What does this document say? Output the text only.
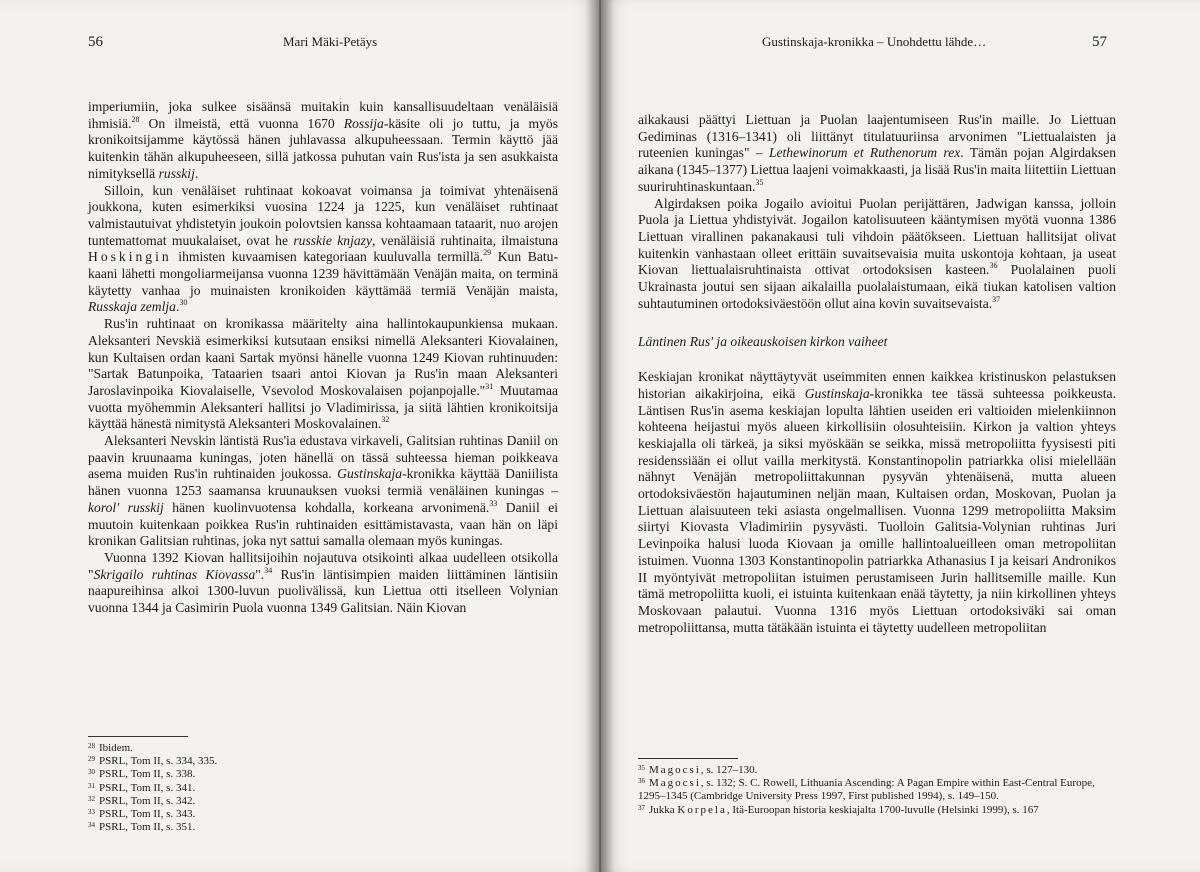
56	Mari Mäki-Petäys

imperiumiin, joka sulkee sisäänsä muitakin kuin kansallisuudeltaan venäläisiä ihmisiä.$^{28}$ On ilmeistä, että vuonna 1670 Rossija-käsite oli jo tuttu, ja myös kronikoitsijamme käytössä hänen juhlavassa alkupuheessaan. Termin käyttö jää kuitenkin tähän alkupuheeseen, sillä jatkossa puhutan vain Rus'ista ja sen asukkaista nimityksellä russkij.

Silloin, kun venäläiset ruhtinaat kokoavat voimansa ja toimivat yhtenäisenä joukkona, kuten esimerkiksi vuosina 1224 ja 1225, kun venäläiset ruhtinaat valmistautuivat yhdistetyin joukoin polovtsien kanssa kohtaamaan tataarit, nuo arojen tuntemattomat muukalaiset, ovat he russkie knjazy, venäläisiä ruhtinaita, ilmaistuna Hoskingin ihmisten kuvaamisen kategoriaan kuuluvalla termillä.$^{29}$ Kun Batu-kaani lähetti mongoliarmeijansa vuonna 1239 hävittämään Venäjän maita, on terminä käytetty vanhaa jo muinaisten kronikoiden käyttämää termiä Venäjän maista, Russkaja zemlja.$^{30}$

Rus'in ruhtinaat on kronikassa määritelty aina hallintokaupunkiensa mukaan. Aleksanteri Nevskiä esimerkiksi kutsutaan ensiksi nimellä Aleksanteri Kiovalainen, kun Kultaisen ordan kaani Sartak myönsi hänelle vuonna 1249 Kiovan ruhtinuuden: "Sartak Batunpoika, Tataarien tsaari antoi Kiovan ja Rus'in maan Aleksanteri Jaroslavinpoika Kiovalaiselle, Vsevolod Moskovalaisen pojanpojalle."$^{31}$ Muutamaa vuotta myöhemmin Aleksanteri hallitsi jo Vladimirissa, ja siitä lähtien kronikoitsija käyttää hänestä nimitystä Aleksanteri Moskovalainen.$^{32}$

Aleksanteri Nevskin läntistä Rus'ia edustava virkaveli, Galitsian ruhtinas Daniil on paavin kruunaama kuningas, joten hänellä on tässä suhteessa hieman poikkeava asema muiden Rus'in ruhtinaiden joukossa. Gustinskaja-kronikka käyttää Daniilista hänen vuonna 1253 saamansa kruunauksen vuoksi termiä venäläinen kuningas – korol' russkij hänen kuolinvuotensa kohdalla, korkeana arvonimenä.$^{33}$ Daniil ei muutoin kuitenkaan poikkea Rus'in ruhtinaiden esittämistavasta, vaan hän on läpi kronikan Galitsian ruhtinas, joka nyt sattui samalla olemaan myös kuningas.

Vuonna 1392 Kiovan hallitsijoihin nojautuva otsikointi alkaa uudelleen otsikolla "Skrigailo ruhtinas Kiovassa".$^{34}$ Rus'in läntisimpien maiden liittäminen läntisiin naapureihinsa alkoi 1300-luvun puolivälissä, kun Liettua otti itselleen Volynian vuonna 1344 ja Casimirin Puola vuonna 1349 Galitsian. Näin Kiovan

$^{28}$ Ibidem.
$^{29}$ PSRL, Tom II, s. 334, 335.
$^{30}$ PSRL, Tom II, s. 338.
$^{31}$ PSRL, Tom II, s. 341.
$^{32}$ PSRL, Tom II, s. 342.
$^{33}$ PSRL, Tom II, s. 343.
$^{34}$ PSRL, Tom II, s. 351.
Gustinskaja-kronikka – Unohdettu lähde…	57

aikakausi päättyi Liettuan ja Puolan laajentumiseen Rus'in maille. Jo Liettuan Gediminas (1316–1341) oli liittänyt titulatuuriinsa arvonimen "Liettualaisten ja ruteenien kuningas" – Lethewinorum et Ruthenorum rex. Tämän pojan Algirdaksen aikana (1345–1377) Liettua laajeni voimakkaasti, ja lisää Rus'in maita liitettiin Liettuan suuriruhtinaskuntaan.$^{35}$

Algirdaksen poika Jogailo avioitui Puolan perijättären, Jadwigan kanssa, jolloin Puola ja Liettua yhdistyivät. Jogailon katolisuuteen kääntymisen myötä vuonna 1386 Liettuan virallinen pakanakausi tuli vihdoin päätökseen. Liettuan hallitsijat olivat kuitenkin vanhastaan olleet erittäin suvaitsevaisia muita uskontoja kohtaan, ja useat Kiovan liettualaisruhtinaista ottivat ortodoksisen kasteen.$^{36}$ Puolalainen puoli Ukrainasta joutui sen sijaan aikalailla puolalaistumaan, eikä tiukan katolisen valtion suhtautuminen ortodoksiväestöön ollut aina kovin suvaitsevaista.$^{37}$

Läntinen Rus' ja oikeauskoisen kirkon vaiheet

Keskiajan kronikat näyttäytyvät useimmiten ennen kaikkea kristinuskon pelastuksen historian aikakirjoina, eikä Gustinskaja-kronikka tee tässä suhteessa poikkeusta. Läntisen Rus'in asema keskiajan lopulta lähtien useiden eri valtioiden mielenkiinnon kohteena heijastui myös alueen kirkollisiin olosuhteisiin. Kirkon ja valtion yhteys keskiajalla oli tärkeä, ja siksi myöskään se seikka, missä metropoliitta fyysisesti piti residenssiään ei ollut vailla merkitystä. Konstantinopolin patriarkka olisi mielellään nähnyt Venäjän metropoliittakunnan pysyvän yhtenäisenä, mutta alueen ortodoksiväestön hajautuminen neljän maan, Kultaisen ordan, Moskovan, Puolan ja Liettuan alaisuuteen teki asiasta ongelmallisen. Vuonna 1299 metropoliitta Maksim siirtyi Kiovasta Vladimiriin pysyvästi. Tuolloin Galitsia-Volynian ruhtinas Juri Levinpoika halusi luoda Kiovaan ja omille hallintoalueilleen oman metropoliitan istuimen. Vuonna 1303 Konstantinopolin patriarkka Athanasius I ja keisari Andronikos II myöntyivät metropoliitan istuimen perustamiseen Jurin hallitsemille maille. Kun tämä metropoliitta kuoli, ei istuinta kuitenkaan enää täytetty, ja niin kirkollinen yhteys Moskovaan palautui. Vuonna 1316 myös Liettuan ortodoksiväki sai oman metropoliittansa, mutta tätäkään istuinta ei täytetty uudelleen metropoliitan

$^{35}$ Magocsi, s. 127–130.
$^{36}$ Magocsi, s. 132; S. C. Rowell, Lithuania Ascending: A Pagan Empire within East-Central Europe, 1295–1345 (Cambridge University Press 1997, First published 1994), s. 149–150.
$^{37}$ Jukka Korpela, Itä-Euroopan historia keskiajalta 1700-luvulle (Helsinki 1999), s. 167
